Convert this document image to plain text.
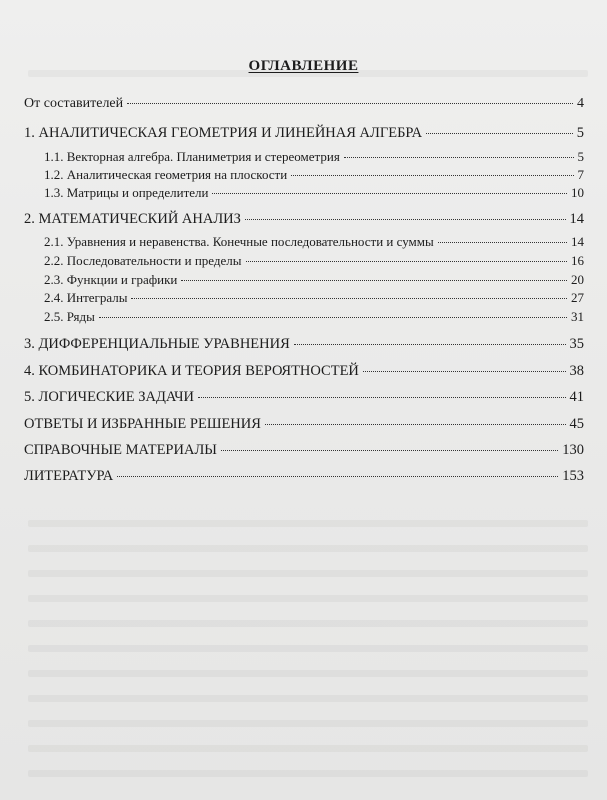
ОГЛАВЛЕНИЕ
От составителей	4
1. АНАЛИТИЧЕСКАЯ ГЕОМЕТРИЯ И ЛИНЕЙНАЯ АЛГЕБРА	5
1.1. Векторная алгебра. Планиметрия и стереометрия	5
1.2. Аналитическая геометрия на плоскости	7
1.3. Матрицы и определители	10
2. МАТЕМАТИЧЕСКИЙ АНАЛИЗ	14
2.1. Уравнения и неравенства. Конечные последовательности и суммы	14
2.2. Последовательности и пределы	16
2.3. Функции и графики	20
2.4. Интегралы	27
2.5. Ряды	31
3. ДИФФЕРЕНЦИАЛЬНЫЕ УРАВНЕНИЯ	35
4. КОМБИНАТОРИКА И ТЕОРИЯ ВЕРОЯТНОСТЕЙ	38
5. ЛОГИЧЕСКИЕ ЗАДАЧИ	41
ОТВЕТЫ И ИЗБРАННЫЕ РЕШЕНИЯ	45
СПРАВОЧНЫЕ МАТЕРИАЛЫ	130
ЛИТЕРАТУРА	153
